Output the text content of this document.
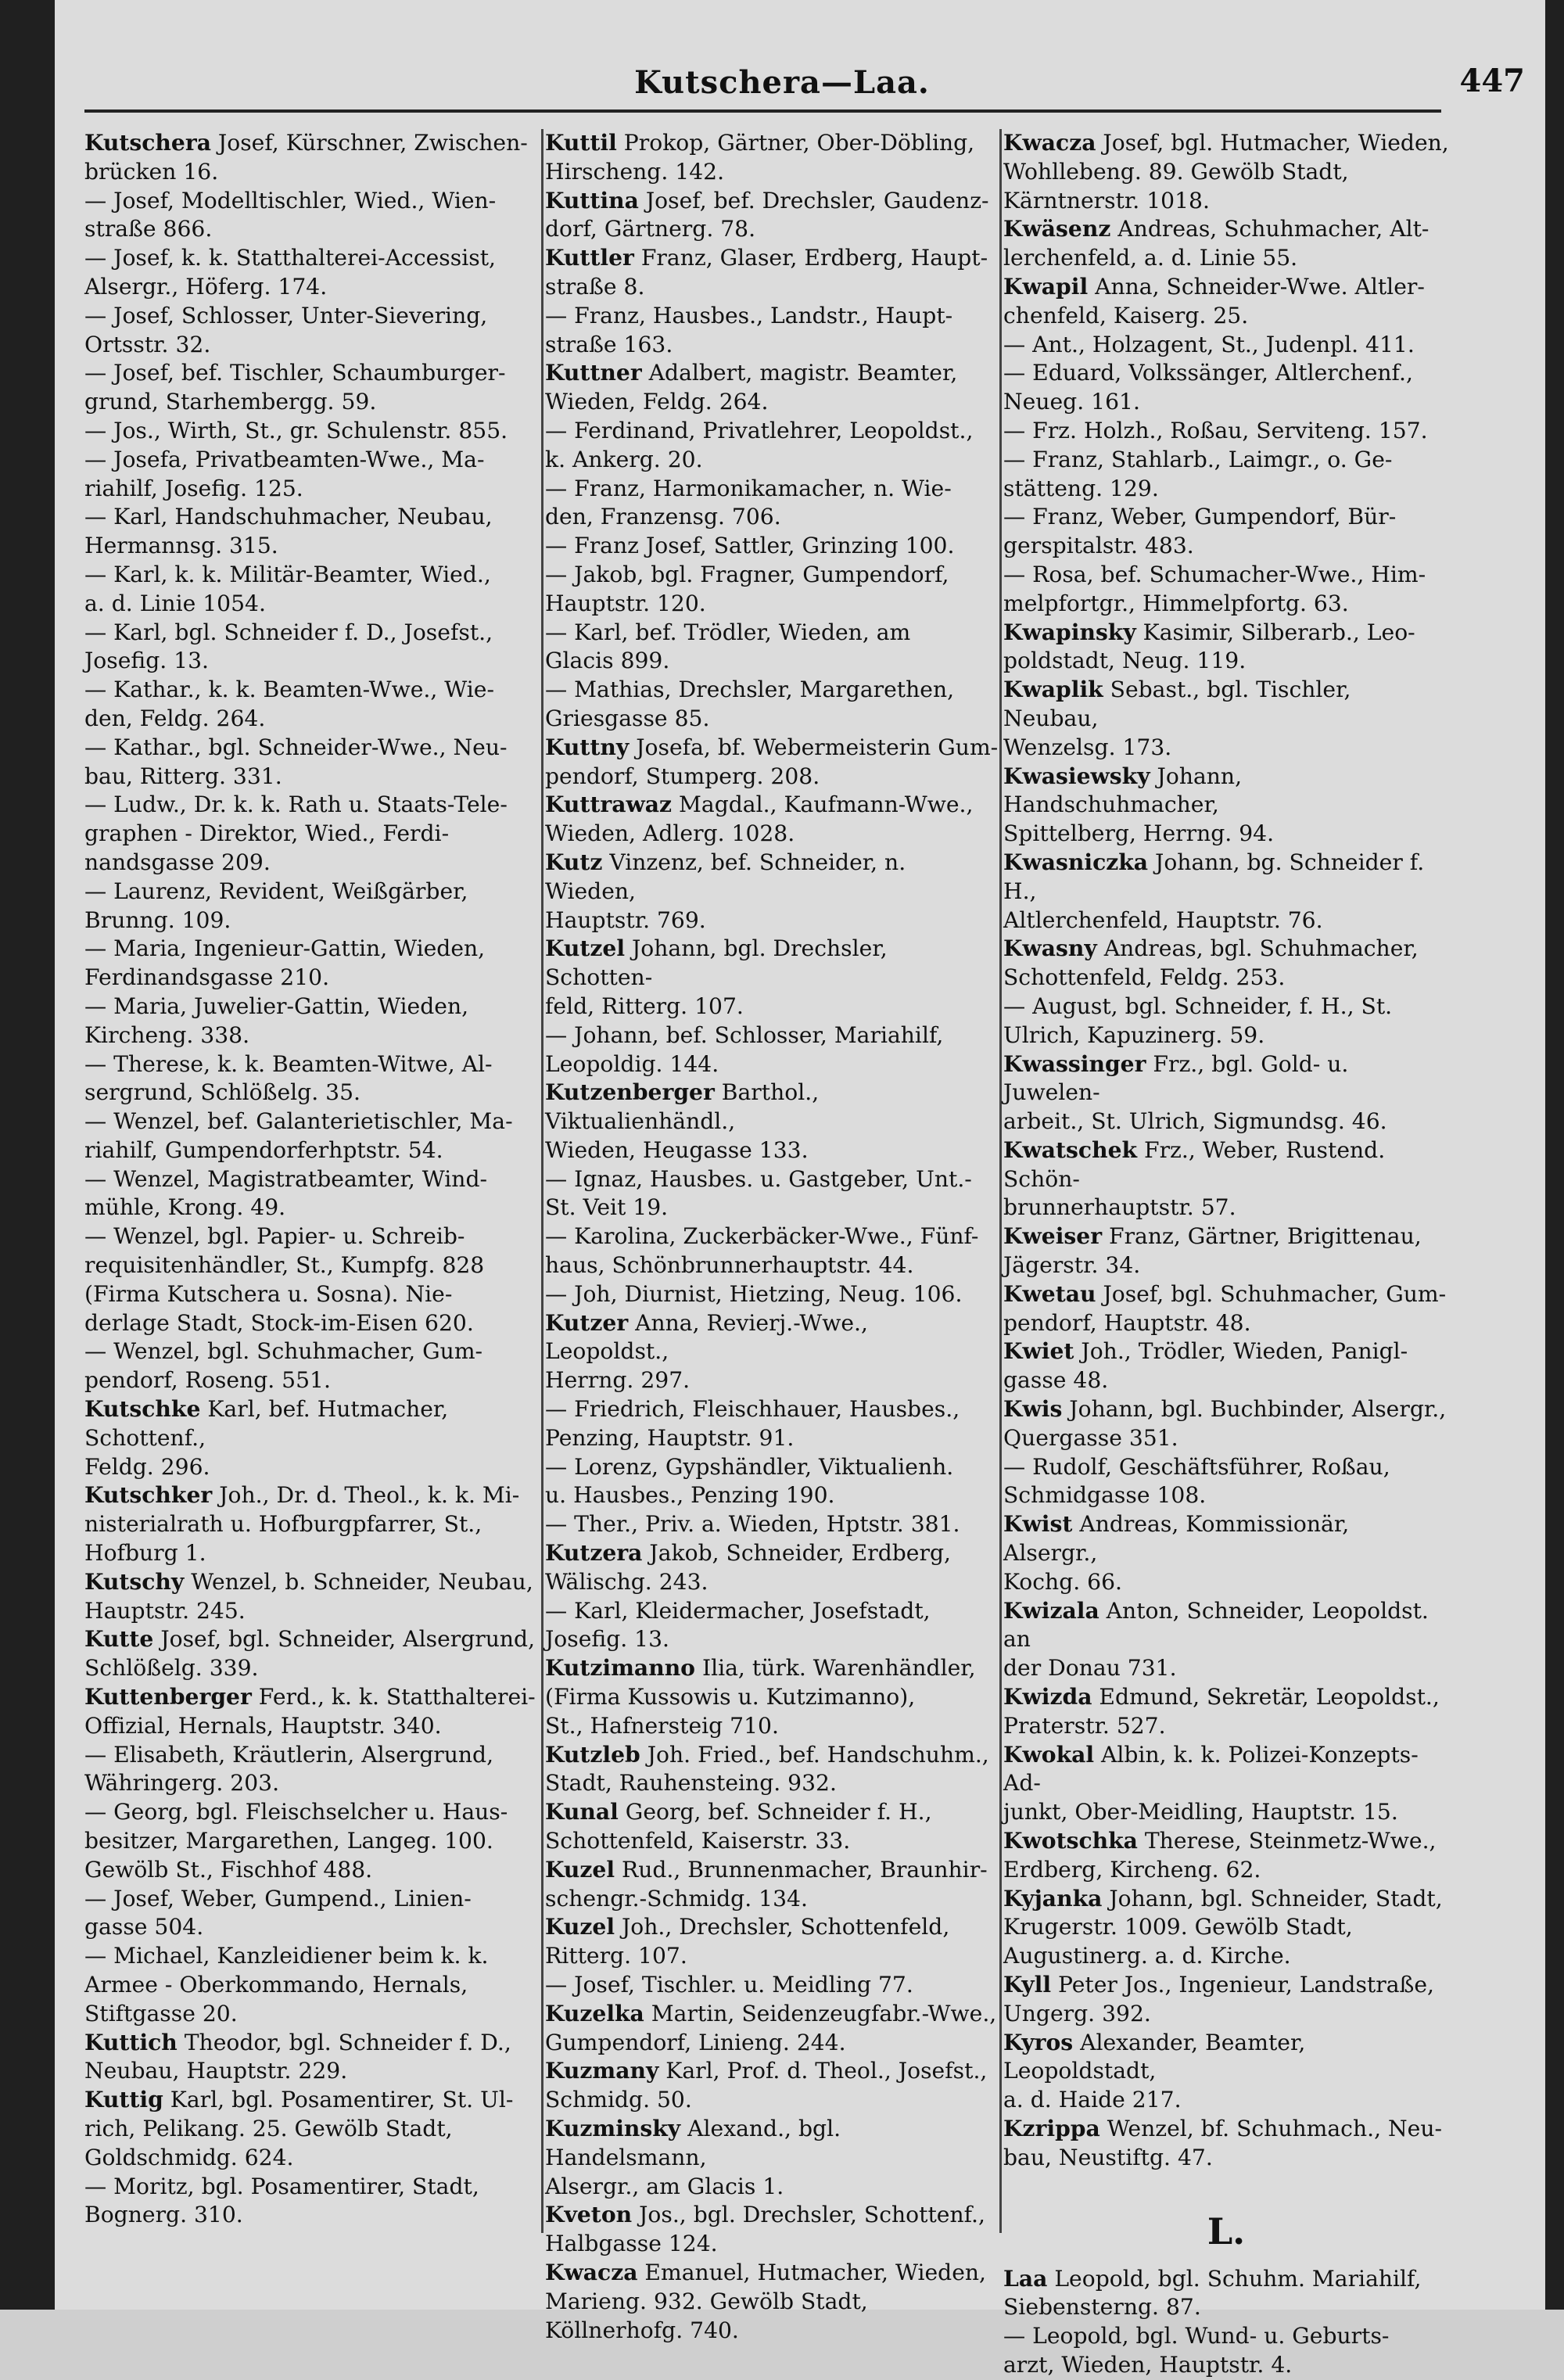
Kutschera—Laa.	447
Kutschera Josef, Kürschner, Zwischen-
brücken 16.
— Josef, Modelltischler, Wied., Wien-
straße 866.
— Josef, k. k. Statthalterei-Accessist,
Alsergr., Höferg. 174.
— Josef, Schlosser, Unter-Sievering,
Ortsstr. 32.
— Josef, bef. Tischler, Schaumburger-
grund, Starhembergg. 59.
— Jos., Wirth, St., gr. Schulenstr. 855.
— Josefa, Privatbeamten-Wwe., Ma-
riahilf, Josefig. 125.
— Karl, Handschuhmacher, Neubau,
Hermannsg. 315.
— Karl, k. k. Militär-Beamter, Wied.,
a. d. Linie 1054.
— Karl, bgl. Schneider f. D., Josefst.,
Josefig. 13.
— Kathar., k. k. Beamten-Wwe., Wie-
den, Feldg. 264.
— Kathar., bgl. Schneider-Wwe., Neu-
bau, Ritterg. 331.
— Ludw., Dr. k. k. Rath u. Staats-Tele-
graphen - Direktor, Wied., Ferdi-
nandsgasse 209.
— Laurenz, Revident, Weißgärber,
Brunng. 109.
— Maria, Ingenieur-Gattin, Wieden,
Ferdinandsgasse 210.
— Maria, Juwelier-Gattin, Wieden,
Kircheng. 338.
— Therese, k. k. Beamten-Witwe, Al-
sergrund, Schlößelg. 35.
— Wenzel, bef. Galanterietischler, Ma-
riahilf, Gumpendorferhptstr. 54.
— Wenzel, Magistratbeamter, Wind-
mühle, Krong. 49.
— Wenzel, bgl. Papier- u. Schreib-
requisitenhändler, St., Kumpfg. 828
(Firma Kutschera u. Sosna). Nie-
derlage Stadt, Stock-im-Eisen 620.
— Wenzel, bgl. Schuhmacher, Gum-
pendorf, Roseng. 551.
Kutschke Karl, bef. Hutmacher, Schottenf.,
Feldg. 296.
Kutschker Joh., Dr. d. Theol., k. k. Mi-
nisterialrath u. Hofburgpfarrer, St.,
Hofburg 1.
Kutschy Wenzel, b. Schneider, Neubau,
Hauptstr. 245.
Kutte Josef, bgl. Schneider, Alsergrund,
Schlößelg. 339.
Kuttenberger Ferd., k. k. Statthalterei-
Offizial, Hernals, Hauptstr. 340.
— Elisabeth, Kräutlerin, Alsergrund,
Währingerg. 203.
— Georg, bgl. Fleischselcher u. Haus-
besitzer, Margarethen, Langeg. 100.
Gewölb St., Fischhof 488.
— Josef, Weber, Gumpend., Linien-
gasse 504.
— Michael, Kanzleidiener beim k. k.
Armee - Oberkommando, Hernals,
Stiftgasse 20.
Kuttich Theodor, bgl. Schneider f. D.,
Neubau, Hauptstr. 229.
Kuttig Karl, bgl. Posamentirer, St. Ul-
rich, Pelikang. 25. Gewölb Stadt,
Goldschmidg. 624.
— Moritz, bgl. Posamentirer, Stadt,
Bognerg. 310.
Kuttil Prokop, Gärtner, Ober-Döbling,
Hirscheng. 142.
Kuttina Josef, bef. Drechsler, Gaudenz-
dorf, Gärtnerg. 78.
Kuttler Franz, Glaser, Erdberg, Haupt-
straße 8.
— Franz, Hausbes., Landstr., Haupt-
straße 163.
Kuttner Adalbert, magistr. Beamter,
Wieden, Feldg. 264.
— Ferdinand, Privatlehrer, Leopoldst.,
k. Ankerg. 20.
— Franz, Harmonikamacher, n. Wie-
den, Franzensg. 706.
— Franz Josef, Sattler, Grinzing 100.
— Jakob, bgl. Fragner, Gumpendorf,
Hauptstr. 120.
— Karl, bef. Trödler, Wieden, am
Glacis 899.
— Mathias, Drechsler, Margarethen,
Griesgasse 85.
Kuttny Josefa, bf. Webermeisterin Gum-
pendorf, Stumperg. 208.
Kuttrawaz Magdal., Kaufmann-Wwe.,
Wieden, Adlerg. 1028.
Kutz Vinzenz, bef. Schneider, n. Wieden,
Hauptstr. 769.
Kutzel Johann, bgl. Drechsler, Schotten-
feld, Ritterg. 107.
— Johann, bef. Schlosser, Mariahilf,
Leopoldig. 144.
Kutzenberger Barthol., Viktualienhändl.,
Wieden, Heugasse 133.
— Ignaz, Hausbes. u. Gastgeber, Unt.-
St. Veit 19.
— Karolina, Zuckerbäcker-Wwe., Fünf-
haus, Schönbrunnerhauptstr. 44.
— Joh, Diurnist, Hietzing, Neug. 106.
Kutzer Anna, Revierj.-Wwe., Leopoldst.,
Herrng. 297.
— Friedrich, Fleischhauer, Hausbes.,
Penzing, Hauptstr. 91.
— Lorenz, Gypshändler, Viktualienh.
u. Hausbes., Penzing 190.
— Ther., Priv. a. Wieden, Hptstr. 381.
Kutzera Jakob, Schneider, Erdberg,
Wälischg. 243.
— Karl, Kleidermacher, Josefstadt,
Josefig. 13.
Kutzimanno Ilia, türk. Warenhändler,
(Firma Kussowis u. Kutzimanno),
St., Hafnersteig 710.
Kutzleb Joh. Fried., bef. Handschuhm.,
Stadt, Rauhensteing. 932.
Kunal Georg, bef. Schneider f. H.,
Schottenfeld, Kaiserstr. 33.
Kuzel Rud., Brunnenmacher, Braunhir-
schengr.-Schmidg. 134.
Kuzel Joh., Drechsler, Schottenfeld,
Ritterg. 107.
— Josef, Tischler. u. Meidling 77.
Kuzelka Martin, Seidenzeugfabr.-Wwe.,
Gumpendorf, Linieng. 244.
Kuzmany Karl, Prof. d. Theol., Josefst.,
Schmidg. 50.
Kuzminsky Alexand., bgl. Handelsmann,
Alsergr., am Glacis 1.
Kveton Jos., bgl. Drechsler, Schottenf.,
Halbgasse 124.
Kwacza Emanuel, Hutmacher, Wieden,
Marieng. 932. Gewölb Stadt,
Köllnerhofg. 740.
Kwacza Josef, bgl. Hutmacher, Wieden,
Wohllebeng. 89. Gewölb Stadt,
Kärntnerstr. 1018.
Kwäsenz Andreas, Schuhmacher, Alt-
lerchenfeld, a. d. Linie 55.
Kwapil Anna, Schneider-Wwe. Altler-
chenfeld, Kaiserg. 25.
— Ant., Holzagent, St., Judenpl. 411.
— Eduard, Volkssänger, Altlerchenf.,
Neueg. 161.
— Frz. Holzh., Roßau, Serviteng. 157.
— Franz, Stahlarb., Laimgr., o. Ge-
stätteng. 129.
— Franz, Weber, Gumpendorf, Bür-
gerspitalstr. 483.
— Rosa, bef. Schumacher-Wwe., Him-
melpfortgr., Himmelpfortg. 63.
Kwapinsky Kasimir, Silberarb., Leo-
poldstadt, Neug. 119.
Kwaplik Sebast., bgl. Tischler, Neubau,
Wenzelsg. 173.
Kwasiewsky Johann, Handschuhmacher,
Spittelberg, Herrng. 94.
Kwasniczka Johann, bg. Schneider f. H.,
Altlerchenfeld, Hauptstr. 76.
Kwasny Andreas, bgl. Schuhmacher,
Schottenfeld, Feldg. 253.
— August, bgl. Schneider, f. H., St.
Ulrich, Kapuzinerg. 59.
Kwassinger Frz., bgl. Gold- u. Juwelen-
arbeit., St. Ulrich, Sigmundsg. 46.
Kwatschek Frz., Weber, Rustend. Schön-
brunnerhauptstr. 57.
Kweiser Franz, Gärtner, Brigittenau,
Jägerstr. 34.
Kwetau Josef, bgl. Schuhmacher, Gum-
pendorf, Hauptstr. 48.
Kwiet Joh., Trödler, Wieden, Panigl-
gasse 48.
Kwis Johann, bgl. Buchbinder, Alsergr.,
Quergasse 351.
— Rudolf, Geschäftsführer, Roßau,
Schmidgasse 108.
Kwist Andreas, Kommissionär, Alsergr.,
Kochg. 66.
Kwizala Anton, Schneider, Leopoldst. an
der Donau 731.
Kwizda Edmund, Sekretär, Leopoldst.,
Praterstr. 527.
Kwokal Albin, k. k. Polizei-Konzepts-Ad-
junkt, Ober-Meidling, Hauptstr. 15.
Kwotschka Therese, Steinmetz-Wwe.,
Erdberg, Kircheng. 62.
Kyjanka Johann, bgl. Schneider, Stadt,
Krugerstr. 1009. Gewölb Stadt,
Augustinerg. a. d. Kirche.
Kyll Peter Jos., Ingenieur, Landstraße,
Ungerg. 392.
Kyros Alexander, Beamter, Leopoldstadt,
a. d. Haide 217.
Kzrippa Wenzel, bf. Schuhmach., Neu-
bau, Neustiftg. 47.
L.
Laa Leopold, bgl. Schuhm. Mariahilf,
Siebensterng. 87.
— Leopold, bgl. Wund- u. Geburts-
arzt, Wieden, Hauptstr. 4.
